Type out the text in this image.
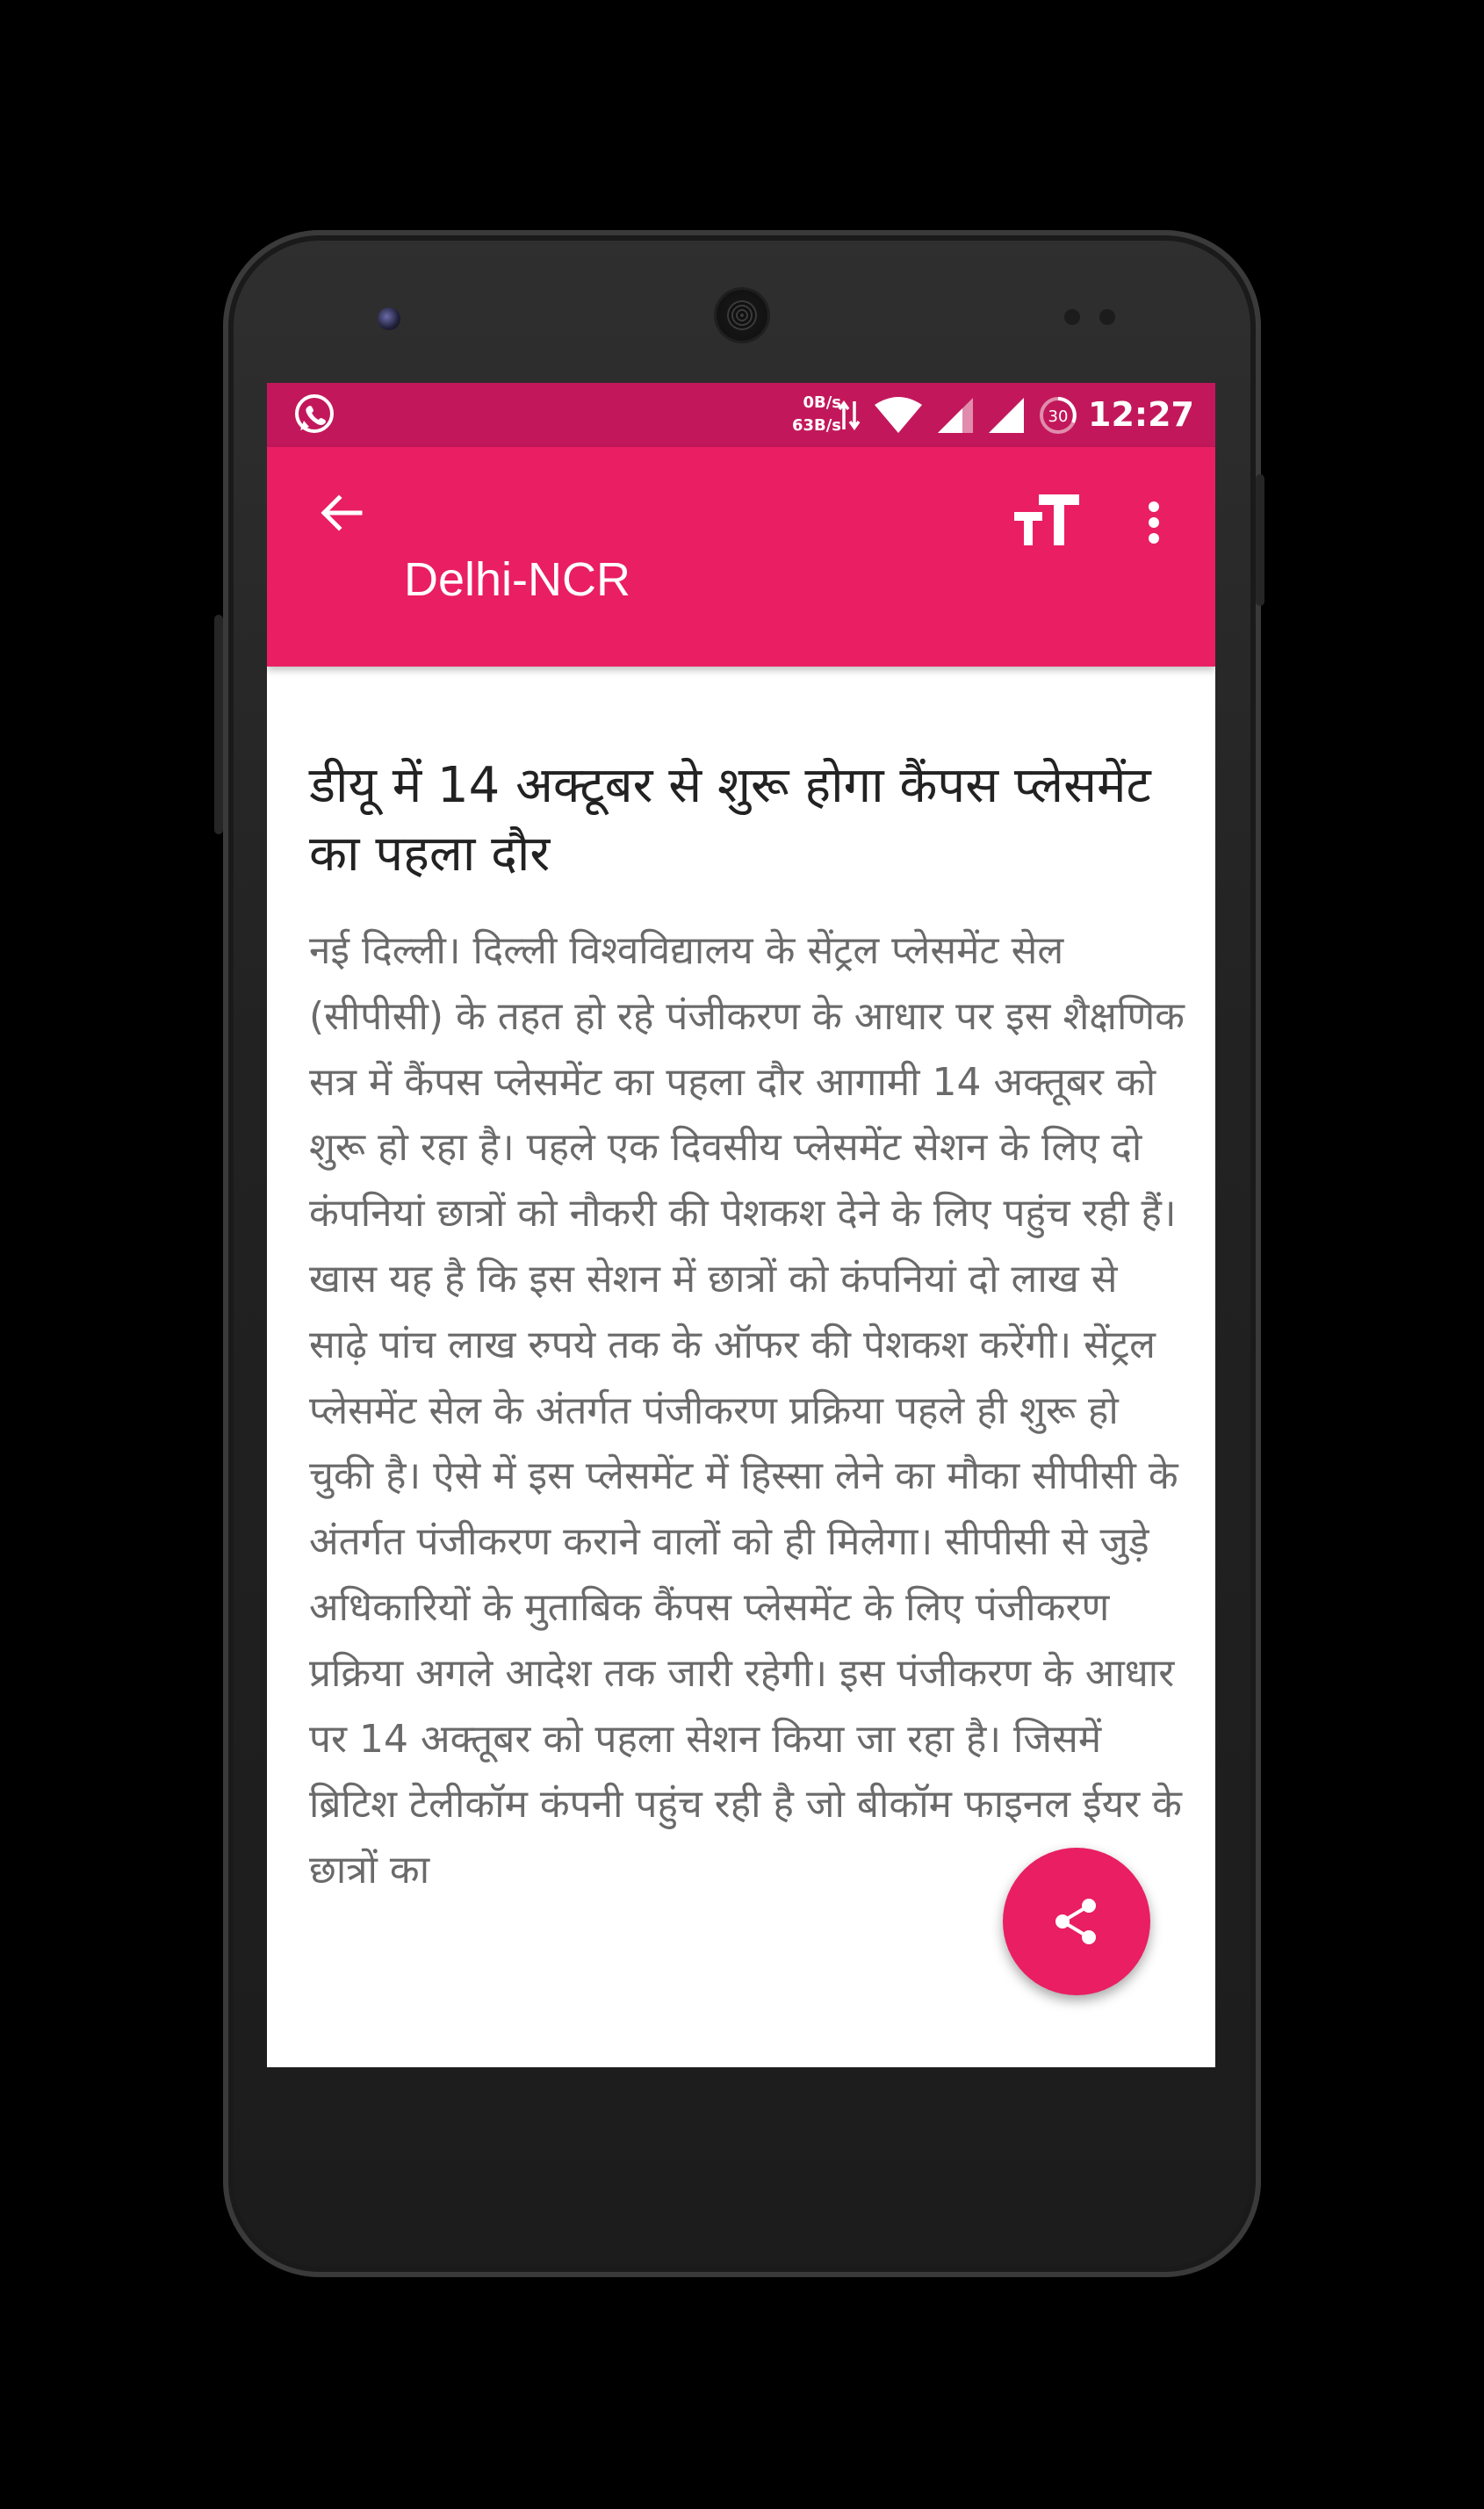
0B/s
63B/s	30 12:27
Delhi-NCR
डीयू में 14 अक्टूबर से शुरू होगा कैंपस प्लेसमेंट का पहला दौर

नई दिल्ली। दिल्ली विश्वविद्यालय के सेंट्रल प्लेसमेंट सेल (सीपीसी) के तहत हो रहे पंजीकरण के आधार पर इस शैक्षणिक सत्र में कैंपस प्लेसमेंट का पहला दौर आगामी 14 अक्तूबर को शुरू हो रहा है। पहले एक दिवसीय प्लेसमेंट सेशन के लिए दो कंपनियां छात्रों को नौकरी की पेशकश देने के लिए पहुंच रही हैं। खास यह है कि इस सेशन में छात्रों को कंपनियां दो लाख से साढ़े पांच लाख रुपये तक के ऑफर की पेशकश करेंगी। सेंट्रल प्लेसमेंट सेल के अंतर्गत पंजीकरण प्रक्रिया पहले ही शुरू हो चुकी है। ऐसे में इस प्लेसमेंट में हिस्सा लेने का मौका सीपीसी के अंतर्गत पंजीकरण कराने वालों को ही मिलेगा। सीपीसी से जुड़े अधिकारियों के मुताबिक कैंपस प्लेसमेंट के लिए पंजीकरण प्रक्रिया अगले आदेश तक जारी रहेगी। इस पंजीकरण के आधार पर 14 अक्तूबर को पहला सेशन किया जा रहा है। जिसमें ब्रिटिश टेलीकॉम कंपनी पहुंच रही है जो बीकॉम फाइनल ईयर के छात्रों का
